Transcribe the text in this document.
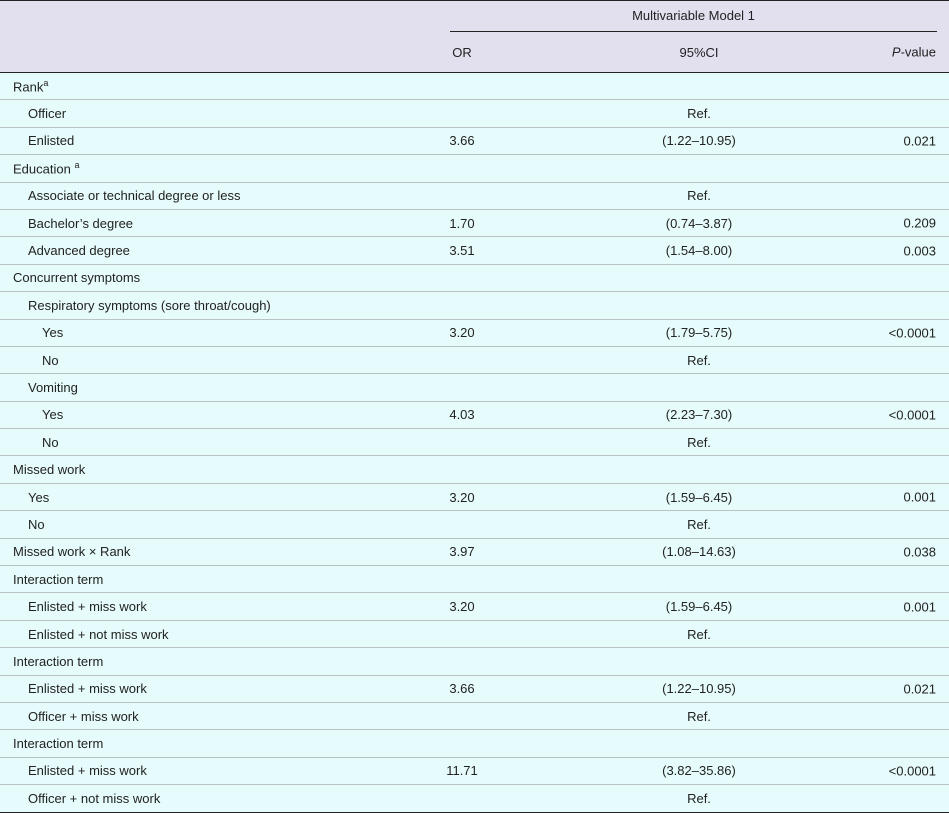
	Multivariable Model 1		

	OR	95%CI	P-value

Rank$^a$			

Officer		Ref.	

Enlisted	3.66	(1.22–10.95)	0.021

Education $^a$			

Associate or technical degree or less		Ref.	

Bachelor’s degree	1.70	(0.74–3.87)	0.209

Advanced degree	3.51	(1.54–8.00)	0.003

Concurrent symptoms			

Respiratory symptoms (sore throat/cough)			

Yes	3.20	(1.79–5.75)	<0.0001

No		Ref.	

Vomiting			

Yes	4.03	(2.23–7.30)	<0.0001

No		Ref.	

Missed work			

Yes	3.20	(1.59–6.45)	0.001

No		Ref.	

Missed work × Rank	3.97	(1.08–14.63)	0.038

Interaction term			

Enlisted + miss work	3.20	(1.59–6.45)	0.001

Enlisted + not miss work		Ref.	

Interaction term			

Enlisted + miss work	3.66	(1.22–10.95)	0.021

Officer + miss work		Ref.	

Interaction term			

Enlisted + miss work	11.71	(3.82–35.86)	<0.0001

Officer + not miss work		Ref.	
